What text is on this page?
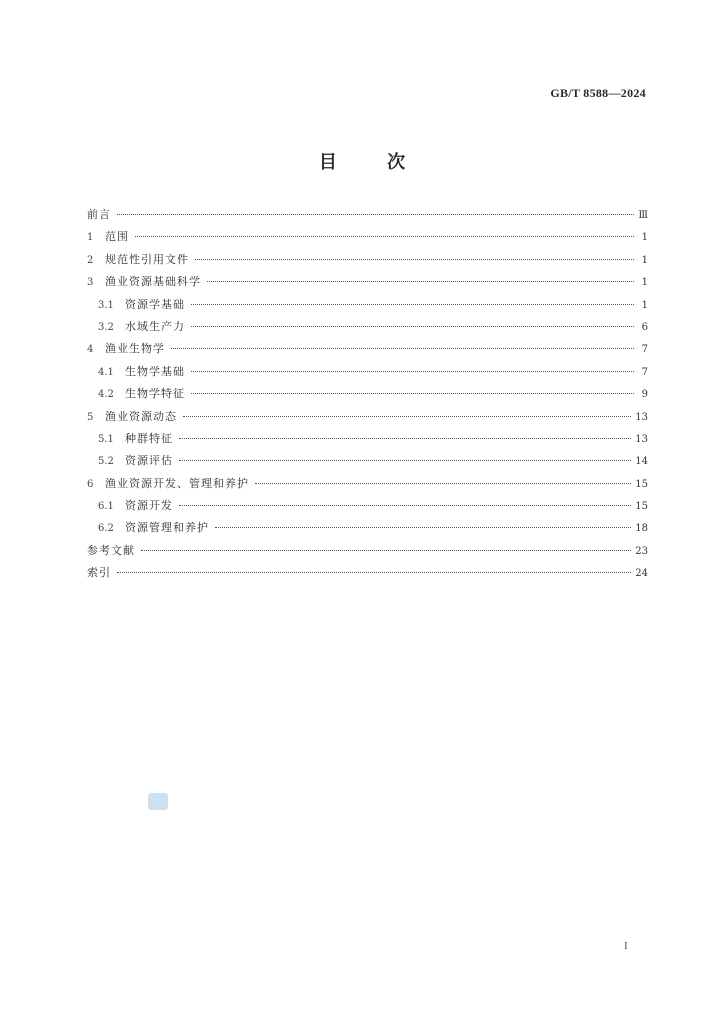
GB/T 8588—2024
目	次
前言	Ⅲ
1	范围	1
2	规范性引用文件	1
3	渔业资源基础科学	1
3.1	资源学基础	1
3.2	水域生产力	6
4	渔业生物学	7
4.1	生物学基础	7
4.2	生物学特征	9
5	渔业资源动态	13
5.1	种群特征	13
5.2	资源评估	14
6	渔业资源开发、管理和养护	15
6.1	资源开发	15
6.2	资源管理和养护	18
参考文献	23
索引	24
I
